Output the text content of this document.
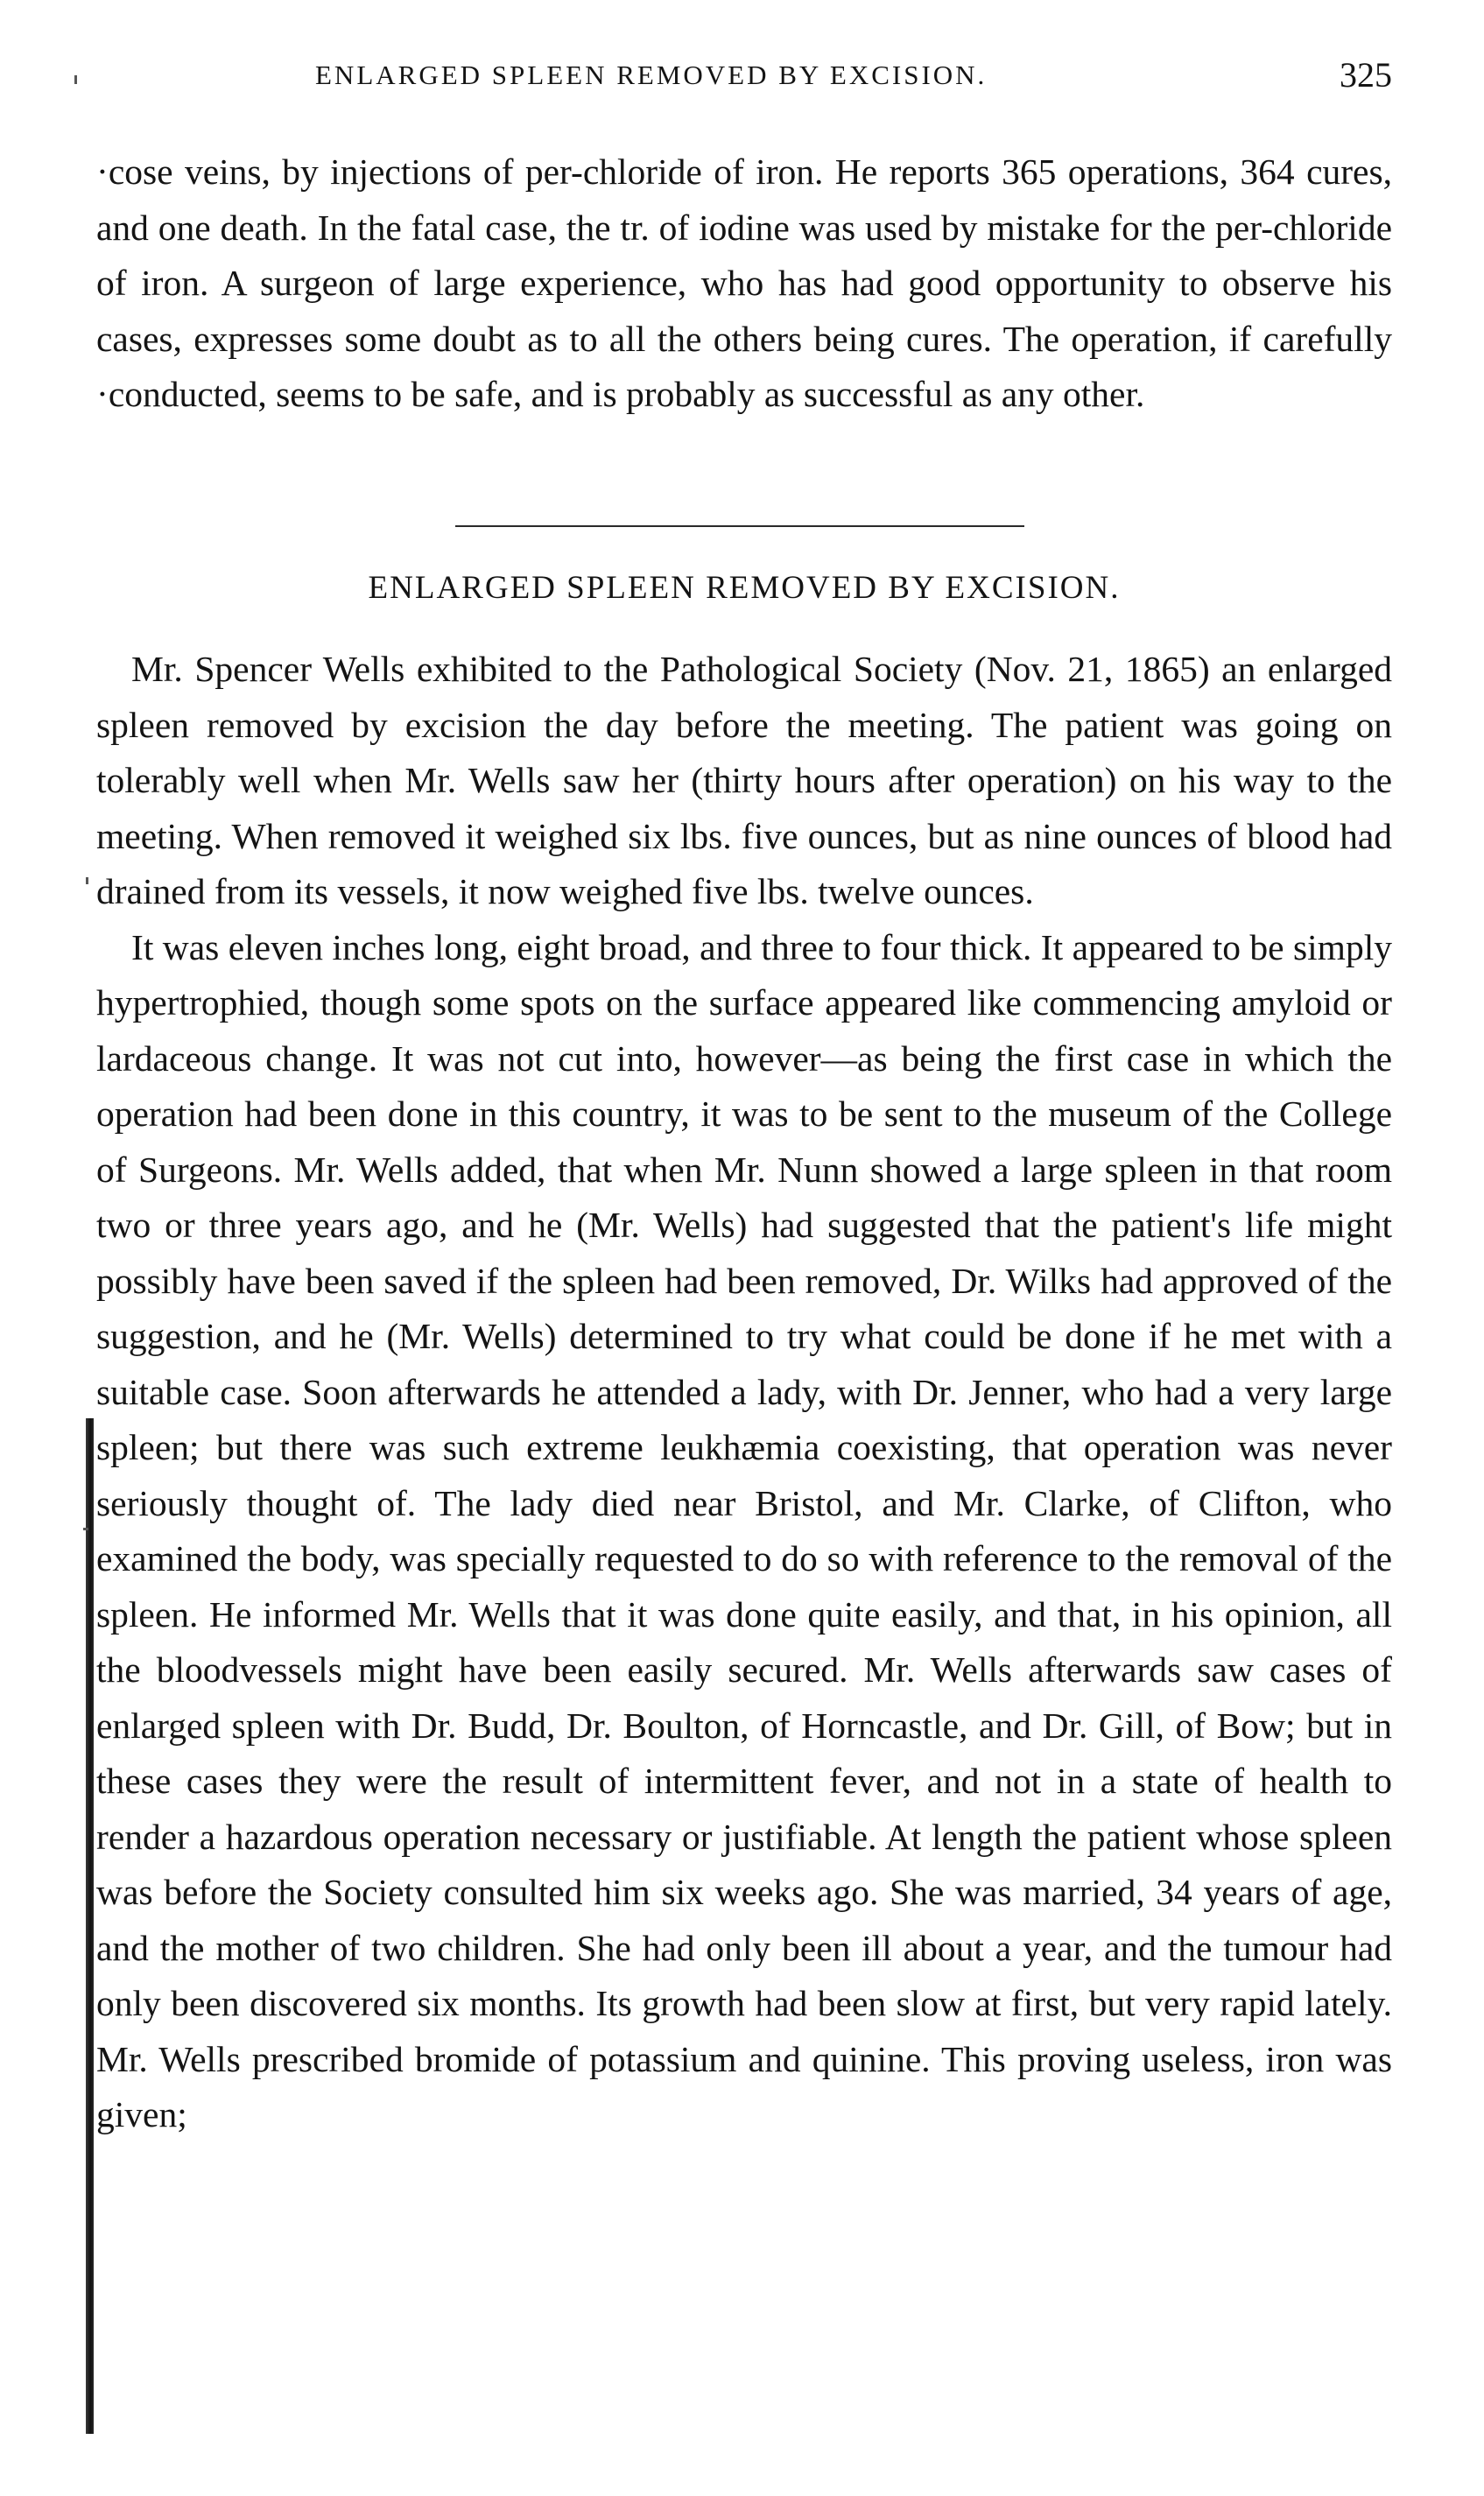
ENLARGED SPLEEN REMOVED BY EXCISION.	325

·cose veins, by injections of per-chloride of iron. He reports 365 operations, 364 cures, and one death. In the fatal case, the tr. of iodine was used by mistake for the per-chloride of iron. A surgeon of large experience, who has had good opportunity to observe his cases, expresses some doubt as to all the others being cures. The operation, if carefully ·conducted, seems to be safe, and is probably as successful as any other.

ENLARGED SPLEEN REMOVED BY EXCISION.

Mr. Spencer Wells exhibited to the Pathological Society (Nov. 21, 1865) an enlarged spleen removed by excision the day before the meeting. The patient was going on tolerably well when Mr. Wells saw her (thirty hours after operation) on his way to the meeting. When removed it weighed six lbs. five ounces, but as nine ounces of blood had drained from its vessels, it now weighed five lbs. twelve ounces.

It was eleven inches long, eight broad, and three to four thick. It appeared to be simply hypertrophied, though some spots on the surface appeared like commencing amyloid or lardaceous change. It was not cut into, however—as being the first case in which the operation had been done in this country, it was to be sent to the museum of the College of Surgeons. Mr. Wells added, that when Mr. Nunn showed a large spleen in that room two or three years ago, and he (Mr. Wells) had suggested that the patient's life might possibly have been saved if the spleen had been removed, Dr. Wilks had approved of the suggestion, and he (Mr. Wells) determined to try what could be done if he met with a suitable case. Soon afterwards he attended a lady, with Dr. Jenner, who had a very large spleen; but there was such extreme leukhæmia coexisting, that operation was never seriously thought of. The lady died near Bristol, and Mr. Clarke, of Clifton, who examined the body, was specially requested to do so with reference to the removal of the spleen. He informed Mr. Wells that it was done quite easily, and that, in his opinion, all the bloodvessels might have been easily secured. Mr. Wells afterwards saw cases of enlarged spleen with Dr. Budd, Dr. Boulton, of Horncastle, and Dr. Gill, of Bow; but in these cases they were the result of intermittent fever, and not in a state of health to render a hazardous operation necessary or justifiable. At length the patient whose spleen was before the Society consulted him six weeks ago. She was married, 34 years of age, and the mother of two children. She had only been ill about a year, and the tumour had only been discovered six months. Its growth had been slow at first, but very rapid lately. Mr. Wells prescribed bromide of potassium and quinine. This proving useless, iron was given;
